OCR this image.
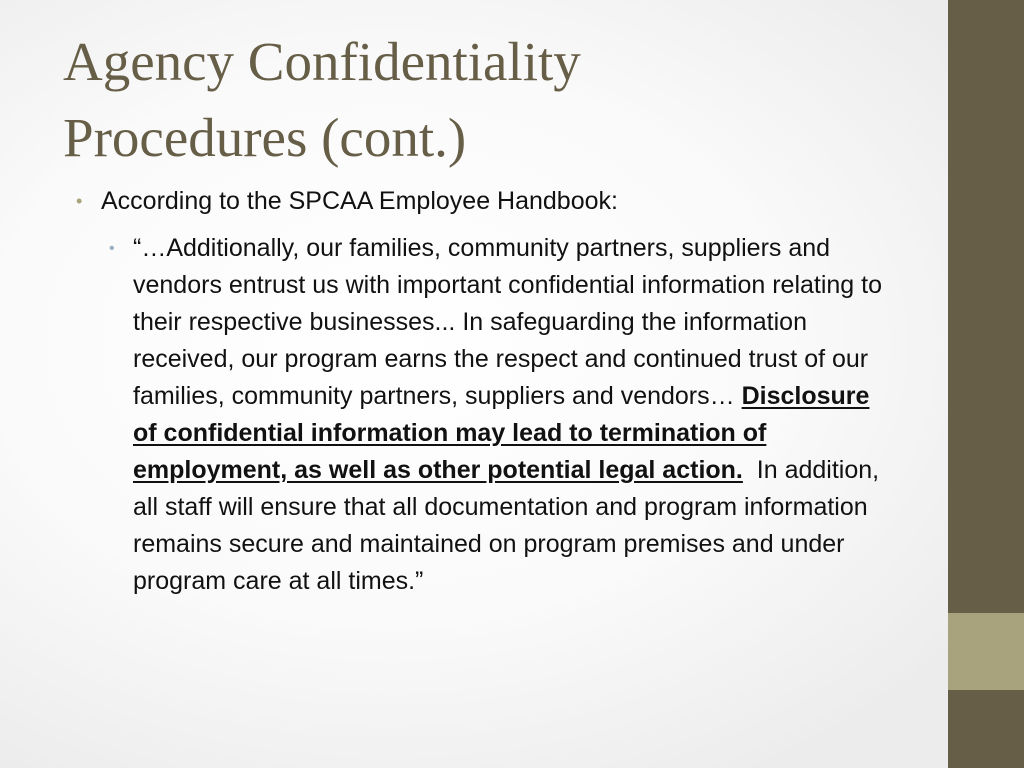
Agency Confidentiality
Procedures (cont.)
• According to the SPCAA Employee Handbook:
• “…Additionally, our families, community partners, suppliers and vendors entrust us with important confidential information relating to their respective businesses... In safeguarding the information received, our program earns the respect and continued trust of our families, community partners, suppliers and vendors… Disclosure of confidential information may lead to termination of employment, as well as other potential legal action.  In addition, all staff will ensure that all documentation and program information remains secure and maintained on program premises and under program care at all times.”
